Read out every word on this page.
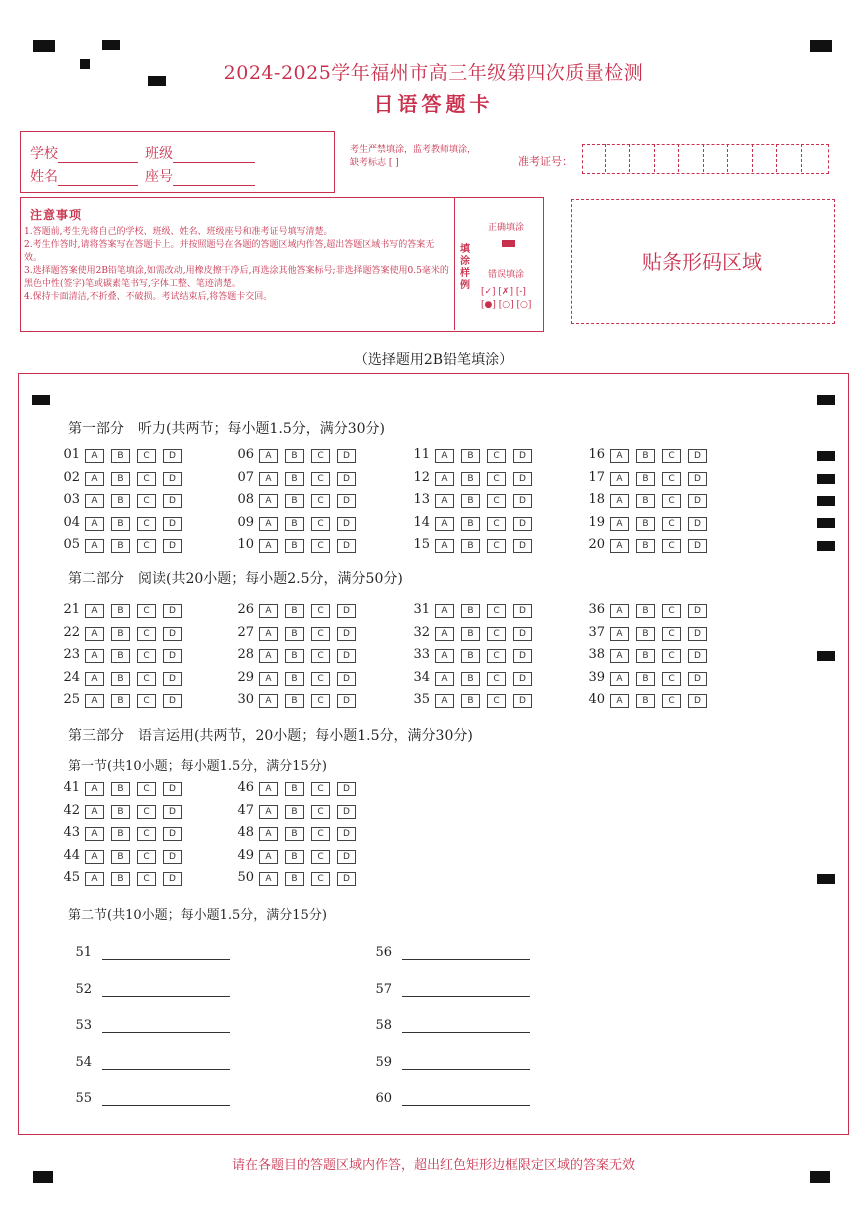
2024-2025学年福州市高三年级第四次质量检测
日语答题卡
学校	班级
姓名	座号
考生严禁填涂，监考教师填涂，
缺考标志 [ ]	准考证号：
注意事项
1.答题前,考生先将自己的学校、班级、姓名、班级座号和准考证号填写清楚。
2.考生作答时,请将答案写在答题卡上。并按照题号在各题的答题区域内作答,超出答题区域书写的答案无效。
3.选择题答案使用2B铅笔填涂,如需改动,用橡皮擦干净后,再选涂其他答案标号;非选择题答案使用0.5毫米的黑色中性(签字)笔或碳素笔书写,字体工整、笔迹清楚。
4.保持卡面清洁,不折叠、不破损。考试结束后,将答题卡交回。
填涂样例
正确填涂
错误填涂
[✓] [✗] [-]
[●] [○] [○]
贴条形码区域
（选择题用2B铅笔填涂）
第一部分　听力(共两节；每小题1.5分，满分30分)
第二部分　阅读(共20小题；每小题2.5分，满分50分)
第三部分　语言运用(共两节，20小题；每小题1.5分，满分30分)
第一节(共10小题；每小题1.5分，满分15分)
第二节(共10小题；每小题1.5分，满分15分)
01	A	B	C	D
02	A	B	C	D
03	A	B	C	D
04	A	B	C	D
05	A	B	C	D
06	A	B	C	D
07	A	B	C	D
08	A	B	C	D
09	A	B	C	D
10	A	B	C	D
11	A	B	C	D
12	A	B	C	D
13	A	B	C	D
14	A	B	C	D
15	A	B	C	D
16	A	B	C	D
17	A	B	C	D
18	A	B	C	D
19	A	B	C	D
20	A	B	C	D
21	A	B	C	D
22	A	B	C	D
23	A	B	C	D
24	A	B	C	D
25	A	B	C	D
26	A	B	C	D
27	A	B	C	D
28	A	B	C	D
29	A	B	C	D
30	A	B	C	D
31	A	B	C	D
32	A	B	C	D
33	A	B	C	D
34	A	B	C	D
35	A	B	C	D
36	A	B	C	D
37	A	B	C	D
38	A	B	C	D
39	A	B	C	D
40	A	B	C	D
41	A	B	C	D
42	A	B	C	D
43	A	B	C	D
44	A	B	C	D
45	A	B	C	D
46	A	B	C	D
47	A	B	C	D
48	A	B	C	D
49	A	B	C	D
50	A	B	C	D
51
52
53
54
55
56
57
58
59
60
请在各题目的答题区域内作答，超出红色矩形边框限定区域的答案无效
